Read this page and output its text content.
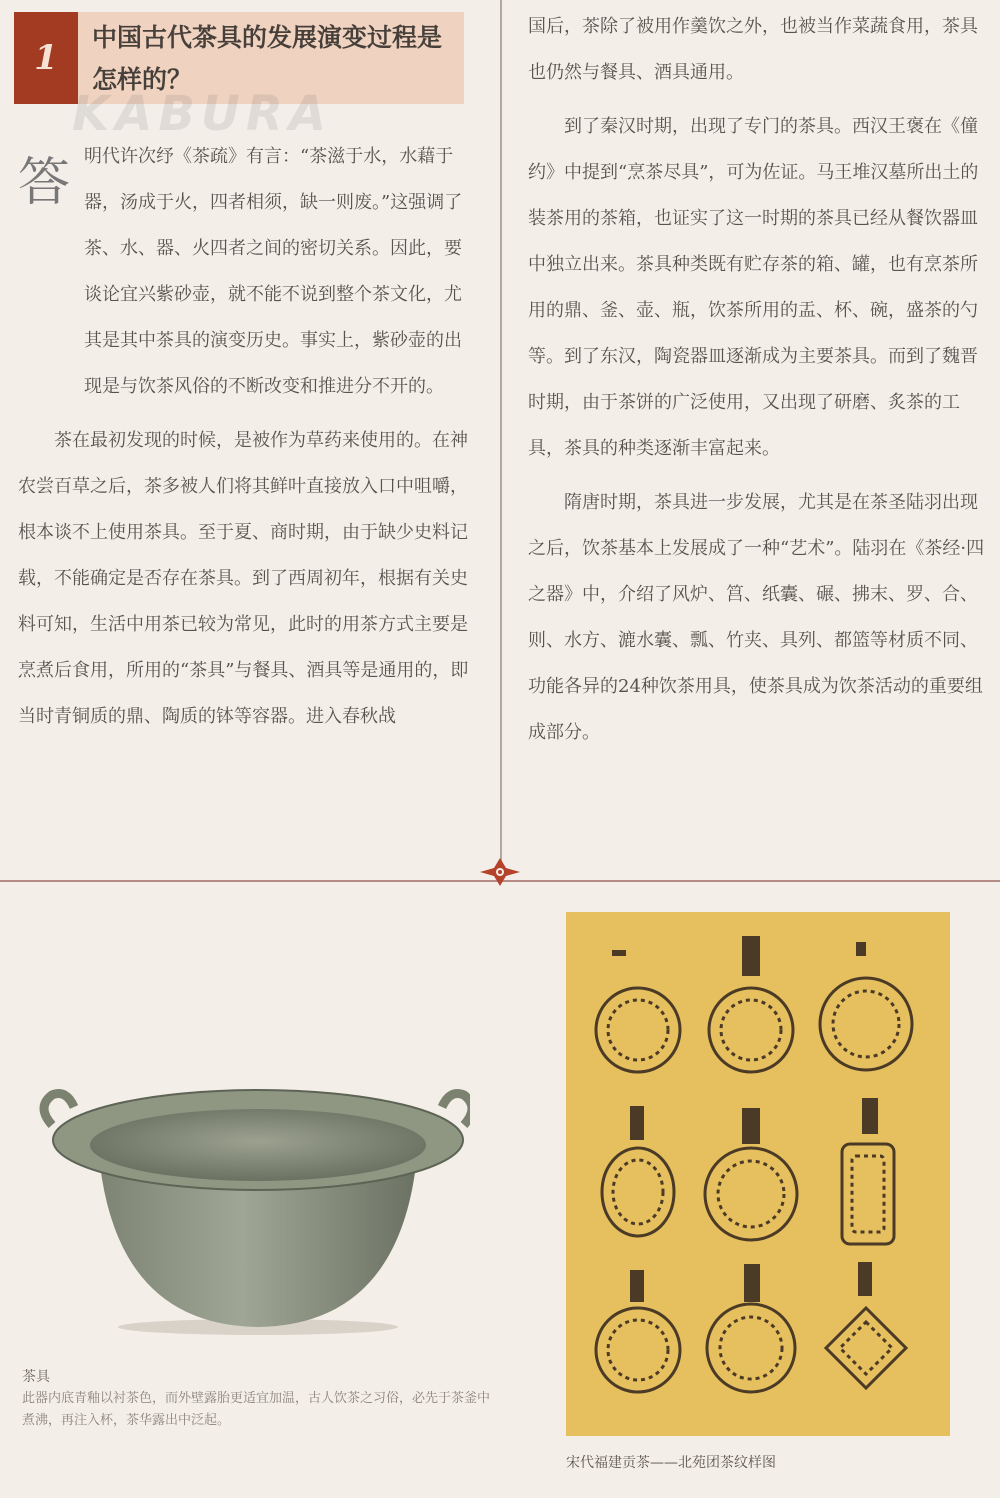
1
中国古代茶具的发展演变过程是怎样的？
KABURA
答 明代许次纾《茶疏》有言：“茶滋于水，水藉于器，汤成于火，四者相须，缺一则废。”这强调了茶、水、器、火四者之间的密切关系。因此，要谈论宜兴紫砂壶，就不能不说到整个茶文化，尤其是其中茶具的演变历史。事实上，紫砂壶的出现是与饮茶风俗的不断改变和推进分不开的。

茶在最初发现的时候，是被作为草药来使用的。在神农尝百草之后，茶多被人们将其鲜叶直接放入口中咀嚼，根本谈不上使用茶具。至于夏、商时期，由于缺少史料记载，不能确定是否存在茶具。到了西周初年，根据有关史料可知，生活中用茶已较为常见，此时的用茶方式主要是烹煮后食用，所用的“茶具”与餐具、酒具等是通用的，即当时青铜质的鼎、陶质的钵等容器。进入春秋战

国后，茶除了被用作羹饮之外，也被当作菜蔬食用，茶具也仍然与餐具、酒具通用。

到了秦汉时期，出现了专门的茶具。西汉王褒在《僮约》中提到“烹茶尽具”，可为佐证。马王堆汉墓所出土的装茶用的茶箱，也证实了这一时期的茶具已经从餐饮器皿中独立出来。茶具种类既有贮存茶的箱、罐，也有烹茶所用的鼎、釜、壶、瓶，饮茶所用的盂、杯、碗，盛茶的勺等。到了东汉，陶瓷器皿逐渐成为主要茶具。而到了魏晋时期，由于茶饼的广泛使用，又出现了研磨、炙茶的工具，茶具的种类逐渐丰富起来。

隋唐时期，茶具进一步发展，尤其是在茶圣陆羽出现之后，饮茶基本上发展成了一种“艺术”。陆羽在《茶经·四之器》中，介绍了风炉、筥、纸囊、碾、拂末、罗、合、则、水方、漉水囊、瓢、竹夹、具列、都篮等材质不同、功能各异的24种饮茶用具，使茶具成为饮茶活动的重要组成部分。

茶具
此器内底青釉以衬茶色，而外壁露胎更适宜加温，古人饮茶之习俗，必先于茶釜中煮沸，再注入杯，茶华露出中泛起。
宋代福建贡茶——北苑团茶纹样图
